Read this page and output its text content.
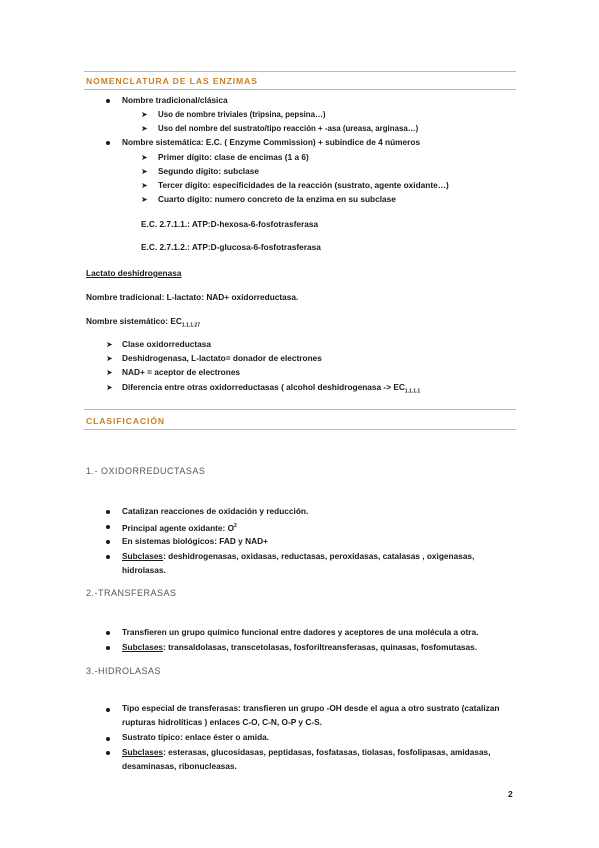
NOMENCLATURA DE LAS ENZIMAS
Nombre tradicional/clásica
➤ Uso de nombre triviales (tripsina, pepsina…)
➤ Uso del nombre del sustrato/tipo reacción + -asa (ureasa, arginasa…)
Nombre sistemática: E.C. ( Enzyme Commission) + subíndice de 4 números
➤ Primer dígito: clase de encimas (1 a 6)
➤ Segundo dígito: subclase
➤ Tercer dígito: especificidades de la reacción (sustrato, agente oxidante…)
➤ Cuarto dígito: numero concreto de la enzima en su subclase
E.C. 2.7.1.1.: ATP:D-hexosa-6-fosfotrasferasa
E.C. 2.7.1.2.: ATP:D-glucosa-6-fosfotrasferasa
Lactato deshidrogenasa
Nombre tradicional: L-lactato: NAD+ oxidorreductasa.
Nombre sistemático: $EC_{1.1.1.27}$
➤ Clase oxidorreductasa
➤ Deshidrogenasa, L-lactato= donador de electrones
➤ NAD+ = aceptor de electrones
➤ Diferencia entre otras oxidorreductasas ( alcohol deshidrogenasa -> $EC_{1.1.1.1}$
CLASIFICACIÓN
1.- OXIDORREDUCTASAS
Catalizan reacciones de oxidación y reducción.
Principal agente oxidante: $O^2$
En sistemas biológicos: FAD y NAD+
Subclases: deshidrogenasas, oxidasas, reductasas, peroxidasas, catalasas , oxigenasas,
hidrolasas.
2.-TRANSFERASAS
Transfieren un grupo químico funcional entre dadores y aceptores de una molécula a otra.
Subclases: transaldolasas, transcetolasas, fosforiltreansferasas, quinasas, fosfomutasas.
3.-HIDROLASAS
Tipo especial de transferasas: transfieren un grupo -OH desde el agua a otro sustrato (catalizan
rupturas hidrolíticas ) enlaces C-O, C-N, O-P y C-S.
Sustrato típico: enlace éster o amida.
Subclases: esterasas, glucosidasas, peptidasas, fosfatasas, tiolasas, fosfolipasas, amidasas,
desaminasas, ribonucleasas.
2
